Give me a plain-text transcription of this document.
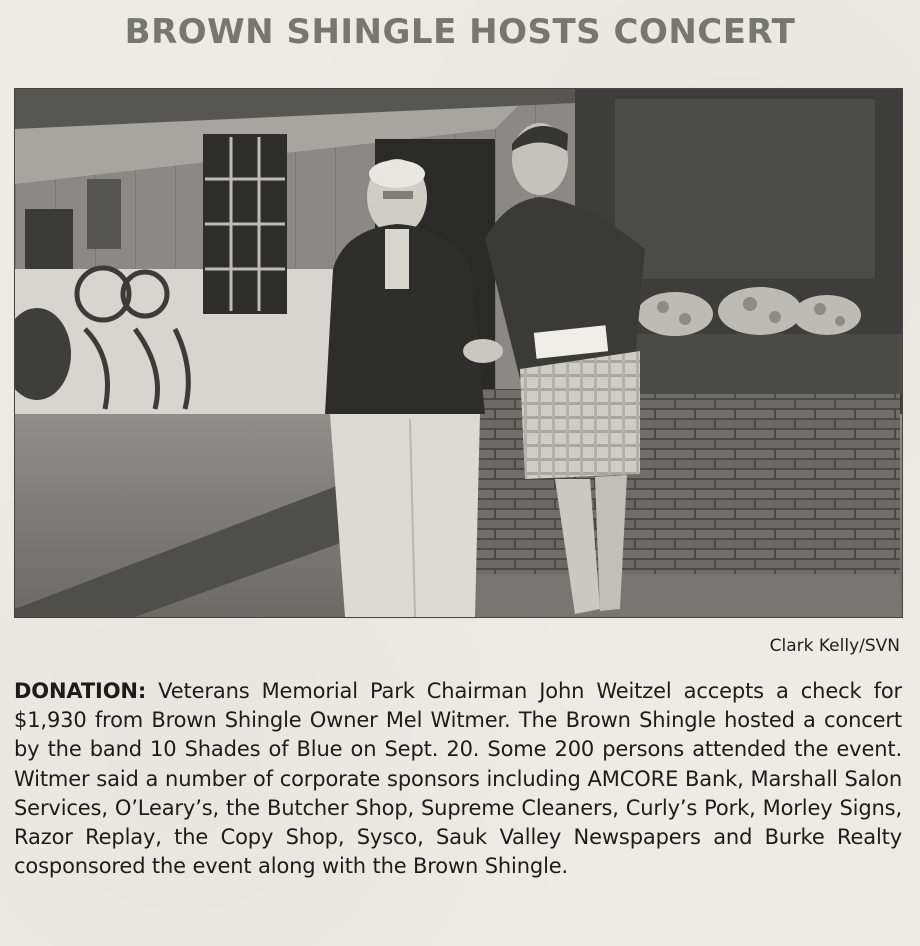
BROWN SHINGLE HOSTS CONCERT
Clark Kelly/SVN

DONATION: Veterans Memorial Park Chairman John Weitzel accepts a check for $1,930 from Brown Shingle Owner Mel Witmer. The Brown Shingle hosted a concert by the band 10 Shades of Blue on Sept. 20. Some 200 persons attended the event. Witmer said a number of corporate sponsors including AMCORE Bank, Marshall Salon Services, O’Leary’s, the Butcher Shop, Supreme Cleaners, Curly’s Pork, Morley Signs, Razor Replay, the Copy Shop, Sysco, Sauk Valley Newspapers and Burke Realty cosponsored the event along with the Brown Shingle.
